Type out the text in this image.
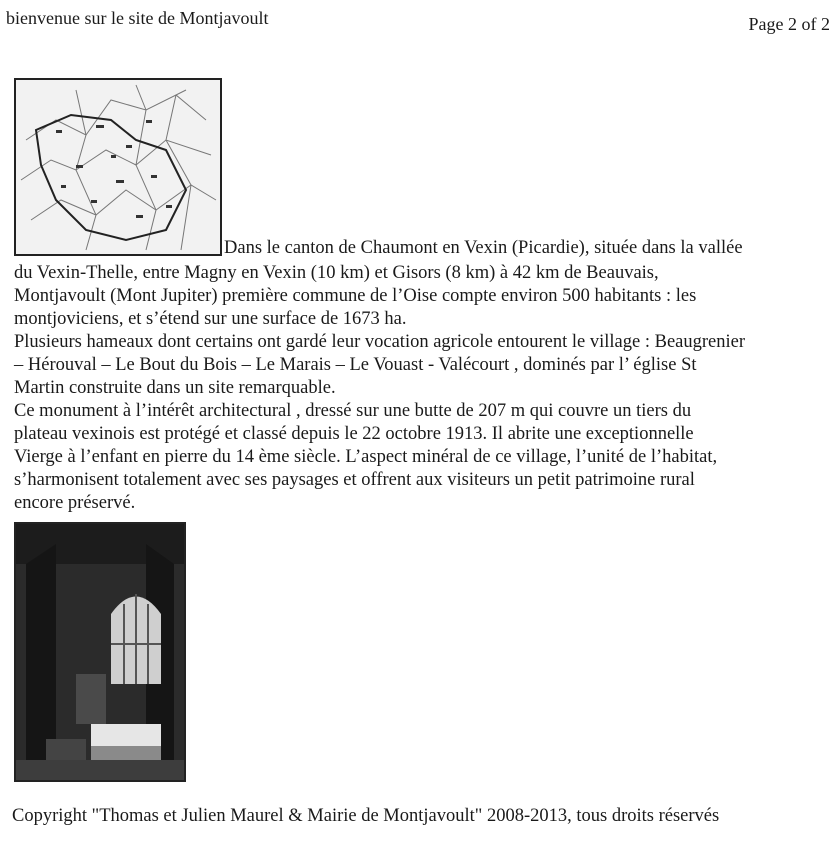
bienvenue sur le site de Montjavoult	Page 2 of 2
Dans le canton de Chaumont en Vexin (Picardie), située dans la vallée
du Vexin-Thelle, entre Magny en Vexin (10 km) et Gisors (8 km) à 42 km de Beauvais,
Montjavoult (Mont Jupiter) première commune de l’Oise compte environ 500 habitants : les
montjoviciens, et s’étend sur une surface de 1673 ha.
Plusieurs hameaux dont certains ont gardé leur vocation agricole entourent le village : Beaugrenier
– Hérouval – Le Bout du Bois – Le Marais – Le Vouast - Valécourt , dominés par l’ église St
Martin construite dans un site remarquable.
Ce monument à l’intérêt architectural , dressé sur une butte de 207 m qui couvre un tiers du
plateau vexinois est protégé et classé depuis le 22 octobre 1913. Il abrite une exceptionnelle
Vierge à l’enfant en pierre du 14 ème siècle. L’aspect minéral de ce village, l’unité de l’habitat,
s’harmonisent totalement avec ses paysages et offrent aux visiteurs un petit patrimoine rural
encore préservé.
Copyright "Thomas et Julien Maurel & Mairie de Montjavoult" 2008-2013, tous droits réservés
